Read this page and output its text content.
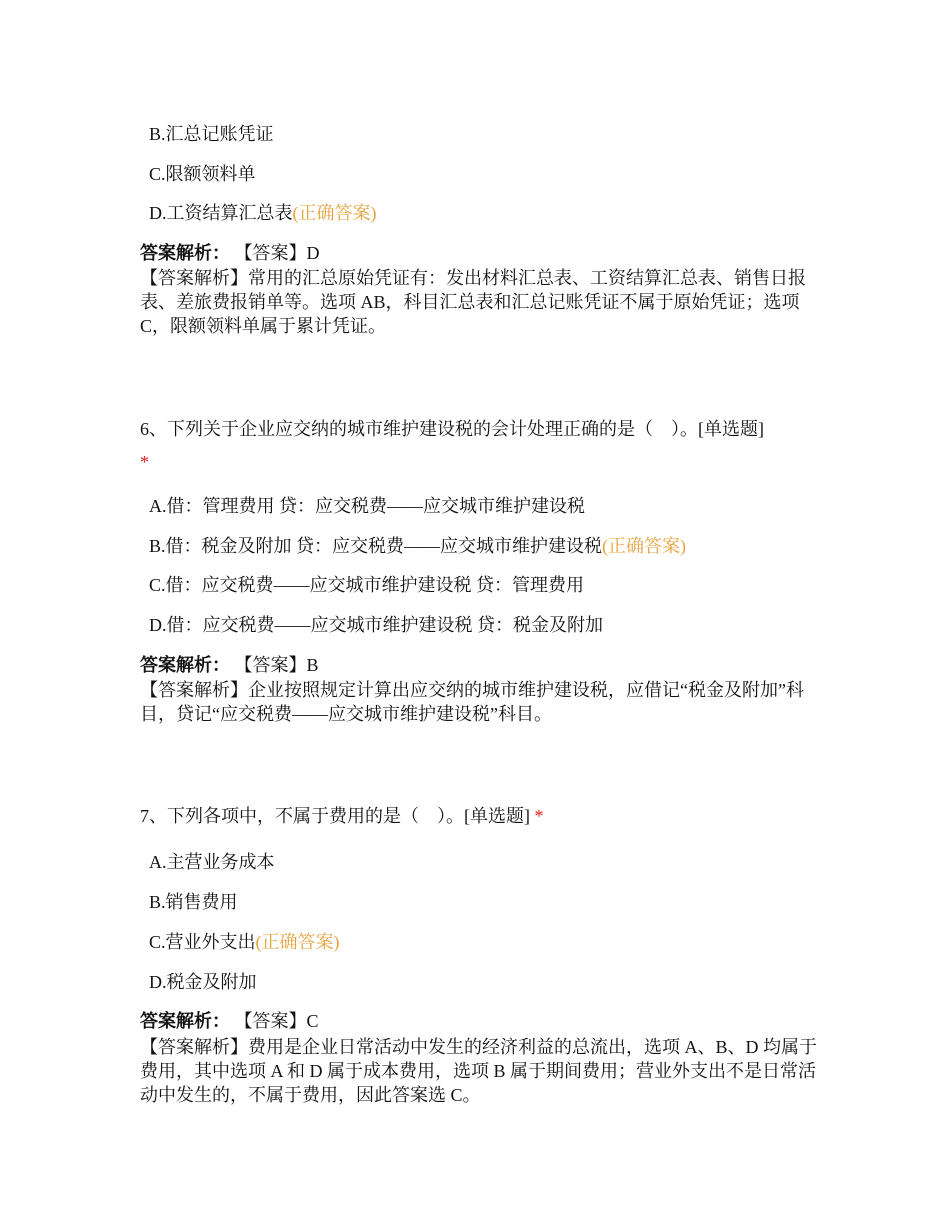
B.汇总记账凭证
C.限额领料单
D.工资结算汇总表(正确答案)
答案解析： 【答案】D
【答案解析】常用的汇总原始凭证有：发出材料汇总表、工资结算汇总表、销售日报表、差旅费报销单等。选项 AB，科目汇总表和汇总记账凭证不属于原始凭证；选项 C，限额领料单属于累计凭证。
6、下列关于企业应交纳的城市维护建设税的会计处理正确的是（　）。[单选题]
*
A.借：管理费用 贷：应交税费——应交城市维护建设税
B.借：税金及附加 贷：应交税费——应交城市维护建设税(正确答案)
C.借：应交税费——应交城市维护建设税 贷：管理费用
D.借：应交税费——应交城市维护建设税 贷：税金及附加
答案解析： 【答案】B
【答案解析】企业按照规定计算出应交纳的城市维护建设税，应借记“税金及附加”科目，贷记“应交税费——应交城市维护建设税”科目。
7、下列各项中，不属于费用的是（　）。[单选题] *
A.主营业务成本
B.销售费用
C.营业外支出(正确答案)
D.税金及附加
答案解析： 【答案】C
【答案解析】费用是企业日常活动中发生的经济利益的总流出，选项 A、B、D 均属于费用，其中选项 A 和 D 属于成本费用，选项 B 属于期间费用；营业外支出不是日常活动中发生的，不属于费用，因此答案选 C。
